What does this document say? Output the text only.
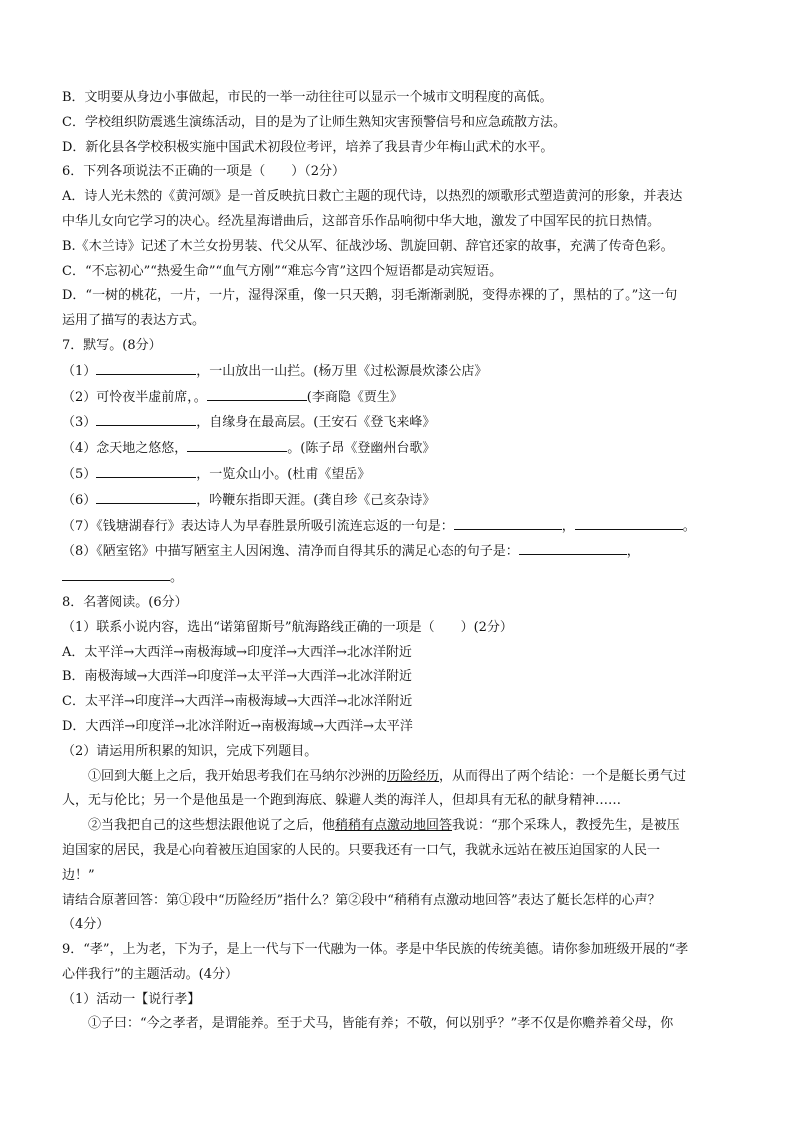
B．文明要从身边小事做起，市民的一举一动往往可以显示一个城市文明程度的高低。
C．学校组织防震逃生演练活动，目的是为了让师生熟知灾害预警信号和应急疏散方法。
D．新化县各学校积极实施中国武术初段位考评，培养了我县青少年梅山武术的水平。
6．下列各项说法不正确的一项是（　　）（2分）
A．诗人光未然的《黄河颂》是一首反映抗日救亡主题的现代诗，以热烈的颂歌形式塑造黄河的形象，并表达
中华儿女向它学习的决心。经冼星海谱曲后，这部音乐作品响彻中华大地，激发了中国军民的抗日热情。
B.《木兰诗》记述了木兰女扮男装、代父从军、征战沙场、凯旋回朝、辞官还家的故事，充满了传奇色彩。
C．“不忘初心”“热爱生命”“血气方刚”“难忘今宵”这四个短语都是动宾短语。
D．“一树的桃花，一片，一片，湿得深重，像一只天鹅，羽毛渐渐剥脱，变得赤裸的了，黑枯的了。”这一句
运用了描写的表达方式。
7．默写。(8分）
（1）	，一山放出一山拦。(杨万里《过松源晨炊漆公店》
（2）可怜夜半虚前席，。	(李商隐《贾生》
（3）	，自缘身在最高层。(王安石《登飞来峰》
（4）念天地之悠悠，	。(陈子昂《登幽州台歌》
（5）	，一览众山小。(杜甫《望岳》
（6）	，吟鞭东指即天涯。(龚自珍《己亥杂诗》
（7）《钱塘湖春行》表达诗人为早春胜景所吸引流连忘返的一句是：	，	。
（8）《陋室铭》中描写陋室主人因闲逸、清净而自得其乐的满足心态的句子是：	，
。
8．名著阅读。(6分）
（1）联系小说内容，选出“诺第留斯号”航海路线正确的一项是（　　）(2分）
A．太平洋→大西洋→南极海域→印度洋→大西洋→北冰洋附近
B．南极海域→大西洋→印度洋→太平洋→大西洋→北冰洋附近
C．太平洋→印度洋→大西洋→南极海域→大西洋→北冰洋附近
D．大西洋→印度洋→北冰洋附近→南极海域→大西洋→太平洋
（2）请运用所积累的知识，完成下列题目。
①回到大艇上之后，我开始思考我们在马纳尔沙洲的历险经历，从而得出了两个结论：一个是艇长勇气过
人，无与伦比；另一个是他虽是一个跑到海底、躲避人类的海洋人，但却具有无私的献身精神……
②当我把自己的这些想法跟他说了之后，他稍稍有点激动地回答我说：“那个采珠人，教授先生，是被压
迫国家的居民，我是心向着被压迫国家的人民的。只要我还有一口气，我就永远站在被压迫国家的人民一
边！”
请结合原著回答：第①段中“历险经历”指什么？第②段中“稍稍有点激动地回答”表达了艇长怎样的心声？
（4分）
9．“孝”，上为老，下为子，是上一代与下一代融为一体。孝是中华民族的传统美德。请你参加班级开展的“孝
心伴我行”的主题活动。(4分）
（1）活动一【说行孝】
①子曰：“今之孝者，是谓能养。至于犬马，皆能有养；不敬，何以别乎？”孝不仅是你赡养着父母，你
